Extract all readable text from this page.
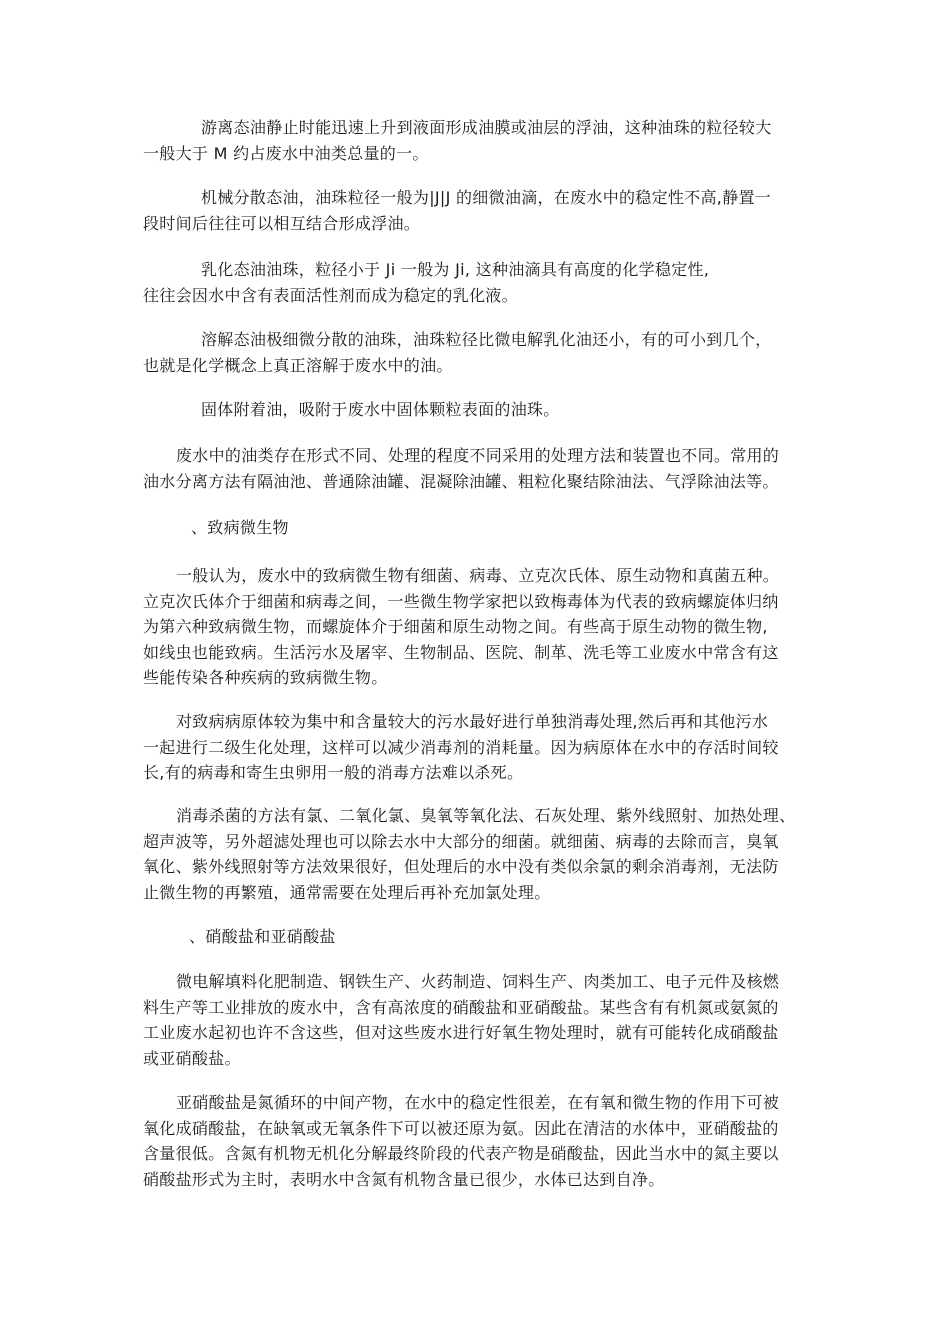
游离态油静止时能迅速上升到液面形成油膜或油层的浮油，这种油珠的粒径较大
一般大于 M 约占废水中油类总量的一。
机械分散态油，油珠粒径一般为|J|J 的细微油滴，在废水中的稳定性不高,静置一
段时间后往往可以相互结合形成浮油。
乳化态油油珠，粒径小于 Ji 一般为 Ji, 这种油滴具有高度的化学稳定性,
往往会因水中含有表面活性剂而成为稳定的乳化液。
溶解态油极细微分散的油珠，油珠粒径比微电解乳化油还小，有的可小到几个，
也就是化学概念上真正溶解于废水中的油。
固体附着油，吸附于废水中固体颗粒表面的油珠。
废水中的油类存在形式不同、处理的程度不同采用的处理方法和装置也不同。常用的
油水分离方法有隔油池、普通除油罐、混凝除油罐、粗粒化聚结除油法、气浮除油法等。
、致病微生物
一般认为，废水中的致病微生物有细菌、病毒、立克次氏体、原生动物和真菌五种。
立克次氏体介于细菌和病毒之间，一些微生物学家把以致梅毒体为代表的致病螺旋体归纳
为第六种致病微生物，而螺旋体介于细菌和原生动物之间。有些高于原生动物的微生物,
如线虫也能致病。生活污水及屠宰、生物制品、医院、制革、洗毛等工业废水中常含有这
些能传染各种疾病的致病微生物。
对致病病原体较为集中和含量较大的污水最好进行单独消毒处理,然后再和其他污水
一起进行二级生化处理，这样可以减少消毒剂的消耗量。因为病原体在水中的存活时间较
长,有的病毒和寄生虫卵用一般的消毒方法难以杀死。
消毒杀菌的方法有氯、二氧化氯、臭氧等氧化法、石灰处理、紫外线照射、加热处理、
超声波等，另外超滤处理也可以除去水中大部分的细菌。就细菌、病毒的去除而言，臭氧
氧化、紫外线照射等方法效果很好，但处理后的水中没有类似余氯的剩余消毒剂，无法防
止微生物的再繁殖，通常需要在处理后再补充加氯处理。
、硝酸盐和亚硝酸盐
微电解填料化肥制造、钢铁生产、火药制造、饲料生产、肉类加工、电子元件及核燃
料生产等工业排放的废水中，含有高浓度的硝酸盐和亚硝酸盐。某些含有有机氮或氨氮的
工业废水起初也许不含这些，但对这些废水进行好氧生物处理时，就有可能转化成硝酸盐
或亚硝酸盐。
亚硝酸盐是氮循环的中间产物，在水中的稳定性很差，在有氧和微生物的作用下可被
氧化成硝酸盐，在缺氧或无氧条件下可以被还原为氨。因此在清洁的水体中，亚硝酸盐的
含量很低。含氮有机物无机化分解最终阶段的代表产物是硝酸盐，因此当水中的氮主要以
硝酸盐形式为主时，表明水中含氮有机物含量已很少，水体已达到自净。
